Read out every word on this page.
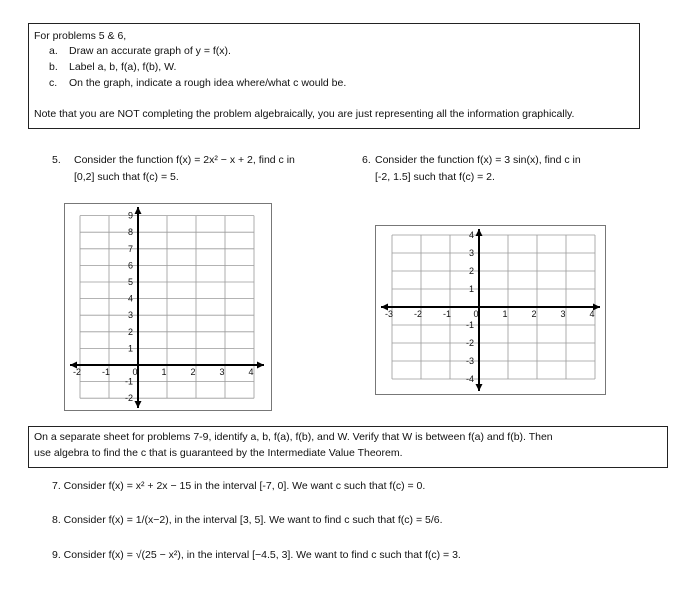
For problems 5 & 6,
a. Draw an accurate graph of y = f(x).
b. Label a, b, f(a), f(b), W.
c. On the graph, indicate a rough idea where/what c would be.
Note that you are NOT completing the problem algebraically, you are just representing all the information graphically.
5. Consider the function f(x) = 2x² − x + 2, find c in
[0,2] such that f(c) = 5.
6. Consider the function f(x) = 3 sin(x), find c in
[-2, 1.5] such that f(c) = 2.
-2 -1 0	1	2	3	4
-2
-1
1
2
3
4
5
6
7
8
9
-3 -2 -1 0	1	2	3	4
-4
-3
-2
-1
1
2
3
4
On a separate sheet for problems 7-9, identify a, b, f(a), f(b), and W. Verify that W is between f(a) and f(b). Then
use algebra to find the c that is guaranteed by the Intermediate Value Theorem.
7. Consider f(x) = x² + 2x − 15 in the interval [-7, 0]. We want c such that f(c) = 0.
8. Consider f(x) = 1/(x−2), in the interval [3, 5]. We want to find c such that f(c) = 5/6.
9. Consider f(x) = √(25 − x²), in the interval [−4.5, 3]. We want to find c such that f(c) = 3.
